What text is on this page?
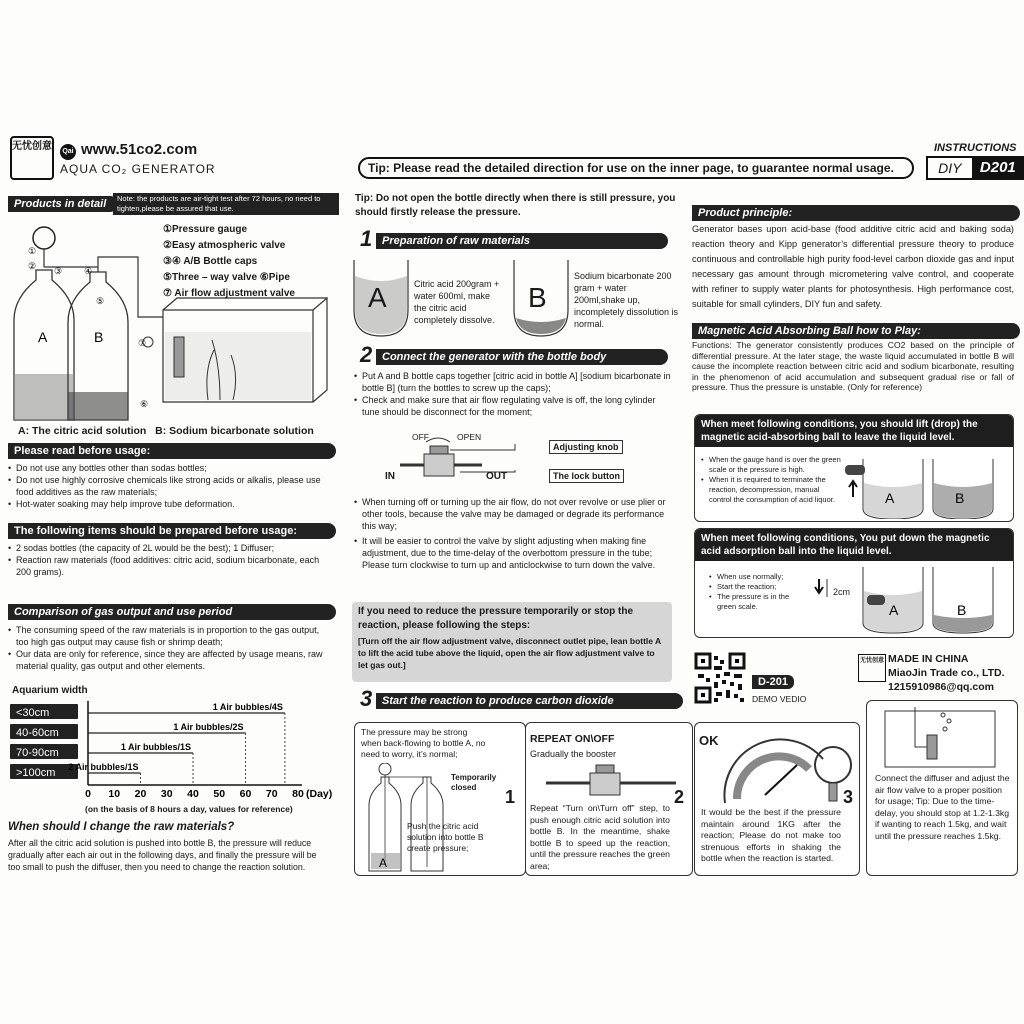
无忧创意	Qai www.51co2.com
AQUA CO₂ GENERATOR	Tip: Please read the detailed direction for use on the inner page, to guarantee normal usage.
INSTRUCTIONS
DIY	D201
Products in detail	Note: the products are air-tight test after 72 hours, no need to tighten,please be assured that use.
A	B
①
② ③ ④
⑤
⑥
⑦
①Pressure gauge
②Easy atmospheric valve
③④ A/B Bottle caps
⑤Three – way valve ⑥Pipe
⑦ Air flow adjustment valve
A: The citric acid solution B: Sodium bicarbonate solution
Please read before usage:
• Do not use any bottles other than sodas bottles;
• Do not use highly corrosive chemicals like strong acids or alkalis, please use food additives as the raw materials;
• Hot-water soaking may help improve tube deformation.
The following items should be prepared before usage:
• 2 sodas bottles (the capacity of 2L would be the best); 1 Diffuser;
• Reaction raw materials (food additives: citric acid, sodium bicarbonate, each 200 grams).
Comparison of gas output and use period
• The consuming speed of the raw materials is in proportion to the gas output, too high gas output may cause fish or shrimp death;
• Our data are only for reference, since they are affected by usage means, raw material quality, gas output and other elements.
Aquarium width
<30cm	1 Air bubbles/4S
40-60cm	1 Air bubbles/2S
70-90cm	1 Air bubbles/1S
>100cm 2 Air bubbles/1S
0 10 20 30 40 50 60 70 80 (Day)
(on the basis of 8 hours a day, values for reference)
When should I change the raw materials?
After all the citric acid solution is pushed into bottle B, the pressure will reduce gradually after each air out in the following days, and finally the pressure will be too small to push the diffuser, then you need to change the reaction solution.
Tip: Do not open the bottle directly when there is still pressure, you should firstly release the pressure.
1 Preparation of raw materials
A	Citric acid 200gram + water 600ml, make the citric acid completely dissolve.
B
Sodium bicarbonate 200 gram + water 200ml,shake up, incompletely dissolution is normal.
2 Connect the generator with the bottle body
• Put A and B bottle caps together [citric acid in bottle A] [sodium bicarbonate in bottle B] (turn the bottles to screw up the caps);
• Check and make sure that air flow regulating valve is off, the long cylinder tune should be disconnect for the moment;
OFF	OPEN
IN	OUT
Adjusting knob
The lock button
• When turning off or turning up the air flow, do not over revolve or use plier or other tools, because the valve may be damaged or degrade its performance this way;
• It will be easier to control the valve by slight adjusting when making fine adjustment, due to the time-delay of the overbottom pressure in the tube; Please turn clockwise to turn up and anticlockwise to turn down the valve.
If you need to reduce the pressure temporarily or stop the reaction, please following the steps:
[Turn off the air flow adjustment valve, disconnect outlet pipe, lean bottle A to lift the acid tube above the liquid, open the air flow adjustment valve to let gas out.]
3 Start the reaction to produce carbon dioxide
Product principle:
Generator bases upon acid-base (food additive citric acid and baking soda) reaction theory and Kipp generator’s differential pressure theory to produce continuous and controllable high purity food-level carbon dioxide gas and input necessary gas amount through micrometering valve control, and cooperate with refiner to supply water plants for photosynthesis. High performance cost, suitable for small cylinders, DIY fun and safety.
Magnetic Acid Absorbing Ball how to Play:
Functions: The generator consistently produces CO2 based on the principle of differential pressure. At the later stage, the waste liquid accumulated in bottle B will cause the incomplete reaction between citric acid and sodium bicarbonate, resulting in the phenomenon of acid accumulation and subsequent gradual rise or fall of pressure. Thus the pressure is unstable. (Only for reference)
When meet following conditions, you should lift (drop) the magnetic acid-absorbing ball to leave the liquid level.
• When the gauge hand is over the green scale or the pressure is high.
• When it is required to terminate the reaction, decompression, manual control the consumption of acid liquor.	A	B
When meet following conditions, You put down the magnetic acid adsorption ball into the liquid level.
• When use normally;
• Start the reaction;
• The pressure is in the green scale.	A	B
2cm
D-201
DEMO VEDIO
无忧创意 MADE IN CHINA
MiaoJin Trade co., LTD.
1215910986@qq.com
The pressure may be strong when back-flowing to bottle A, no need to worry, it’s normal;
A
Temporarily closed
Push the citric acid solution into bottle B create pressure;
1
REPEAT ON\OFF
Gradually the booster
Repeat “Turn on\Turn off” step, to push enough citric acid solution into bottle B. In the meantime, shake bottle B to speed up the reaction, until the pressure reaches the green area;
2
OK
It would be the best if the pressure maintain around 1KG after the reaction; Please do not make too strenuous efforts in shaking the bottle when the reaction is started.
3
Connect the diffuser and adjust the air flow valve to a proper position for usage; Tip: Due to the time-delay, you should stop at 1.2-1.3kg if wanting to reach 1.5kg, and wait until the pressure reaches 1.5kg.
